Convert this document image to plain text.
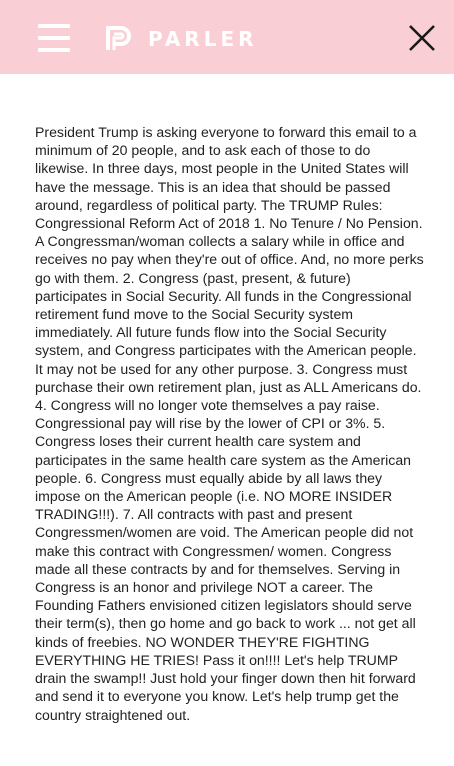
PARLER

President Trump is asking everyone to forward this email to a minimum of 20 people, and to ask each of those to do likewise. In three days, most people in the United States will have the message. This is an idea that should be passed around, regardless of political party. The TRUMP Rules: Congressional Reform Act of 2018 1. No Tenure / No Pension. A Congressman/woman collects a salary while in office and receives no pay when they're out of office. And, no more perks go with them. 2. Congress (past, present, & future) participates in Social Security. All funds in the Congressional retirement fund move to the Social Security system immediately. All future funds flow into the Social Security system, and Congress participates with the American people. It may not be used for any other purpose. 3. Congress must purchase their own retirement plan, just as ALL Americans do. 4. Congress will no longer vote themselves a pay raise. Congressional pay will rise by the lower of CPI or 3%. 5. Congress loses their current health care system and participates in the same health care system as the American people. 6. Congress must equally abide by all laws they impose on the American people (i.e. NO MORE INSIDER TRADING!!!). 7. All contracts with past and present Congressmen/women are void. The American people did not make this contract with Congressmen/ women. Congress made all these contracts by and for themselves. Serving in Congress is an honor and privilege NOT a career. The Founding Fathers envisioned citizen legislators should serve their term(s), then go home and go back to work ... not get all kinds of freebies. NO WONDER THEY'RE FIGHTING EVERYTHING HE TRIES! Pass it on!!!! Let's help TRUMP drain the swamp!! Just hold your finger down then hit forward and send it to everyone you know. Let's help trump get the country straightened out.
